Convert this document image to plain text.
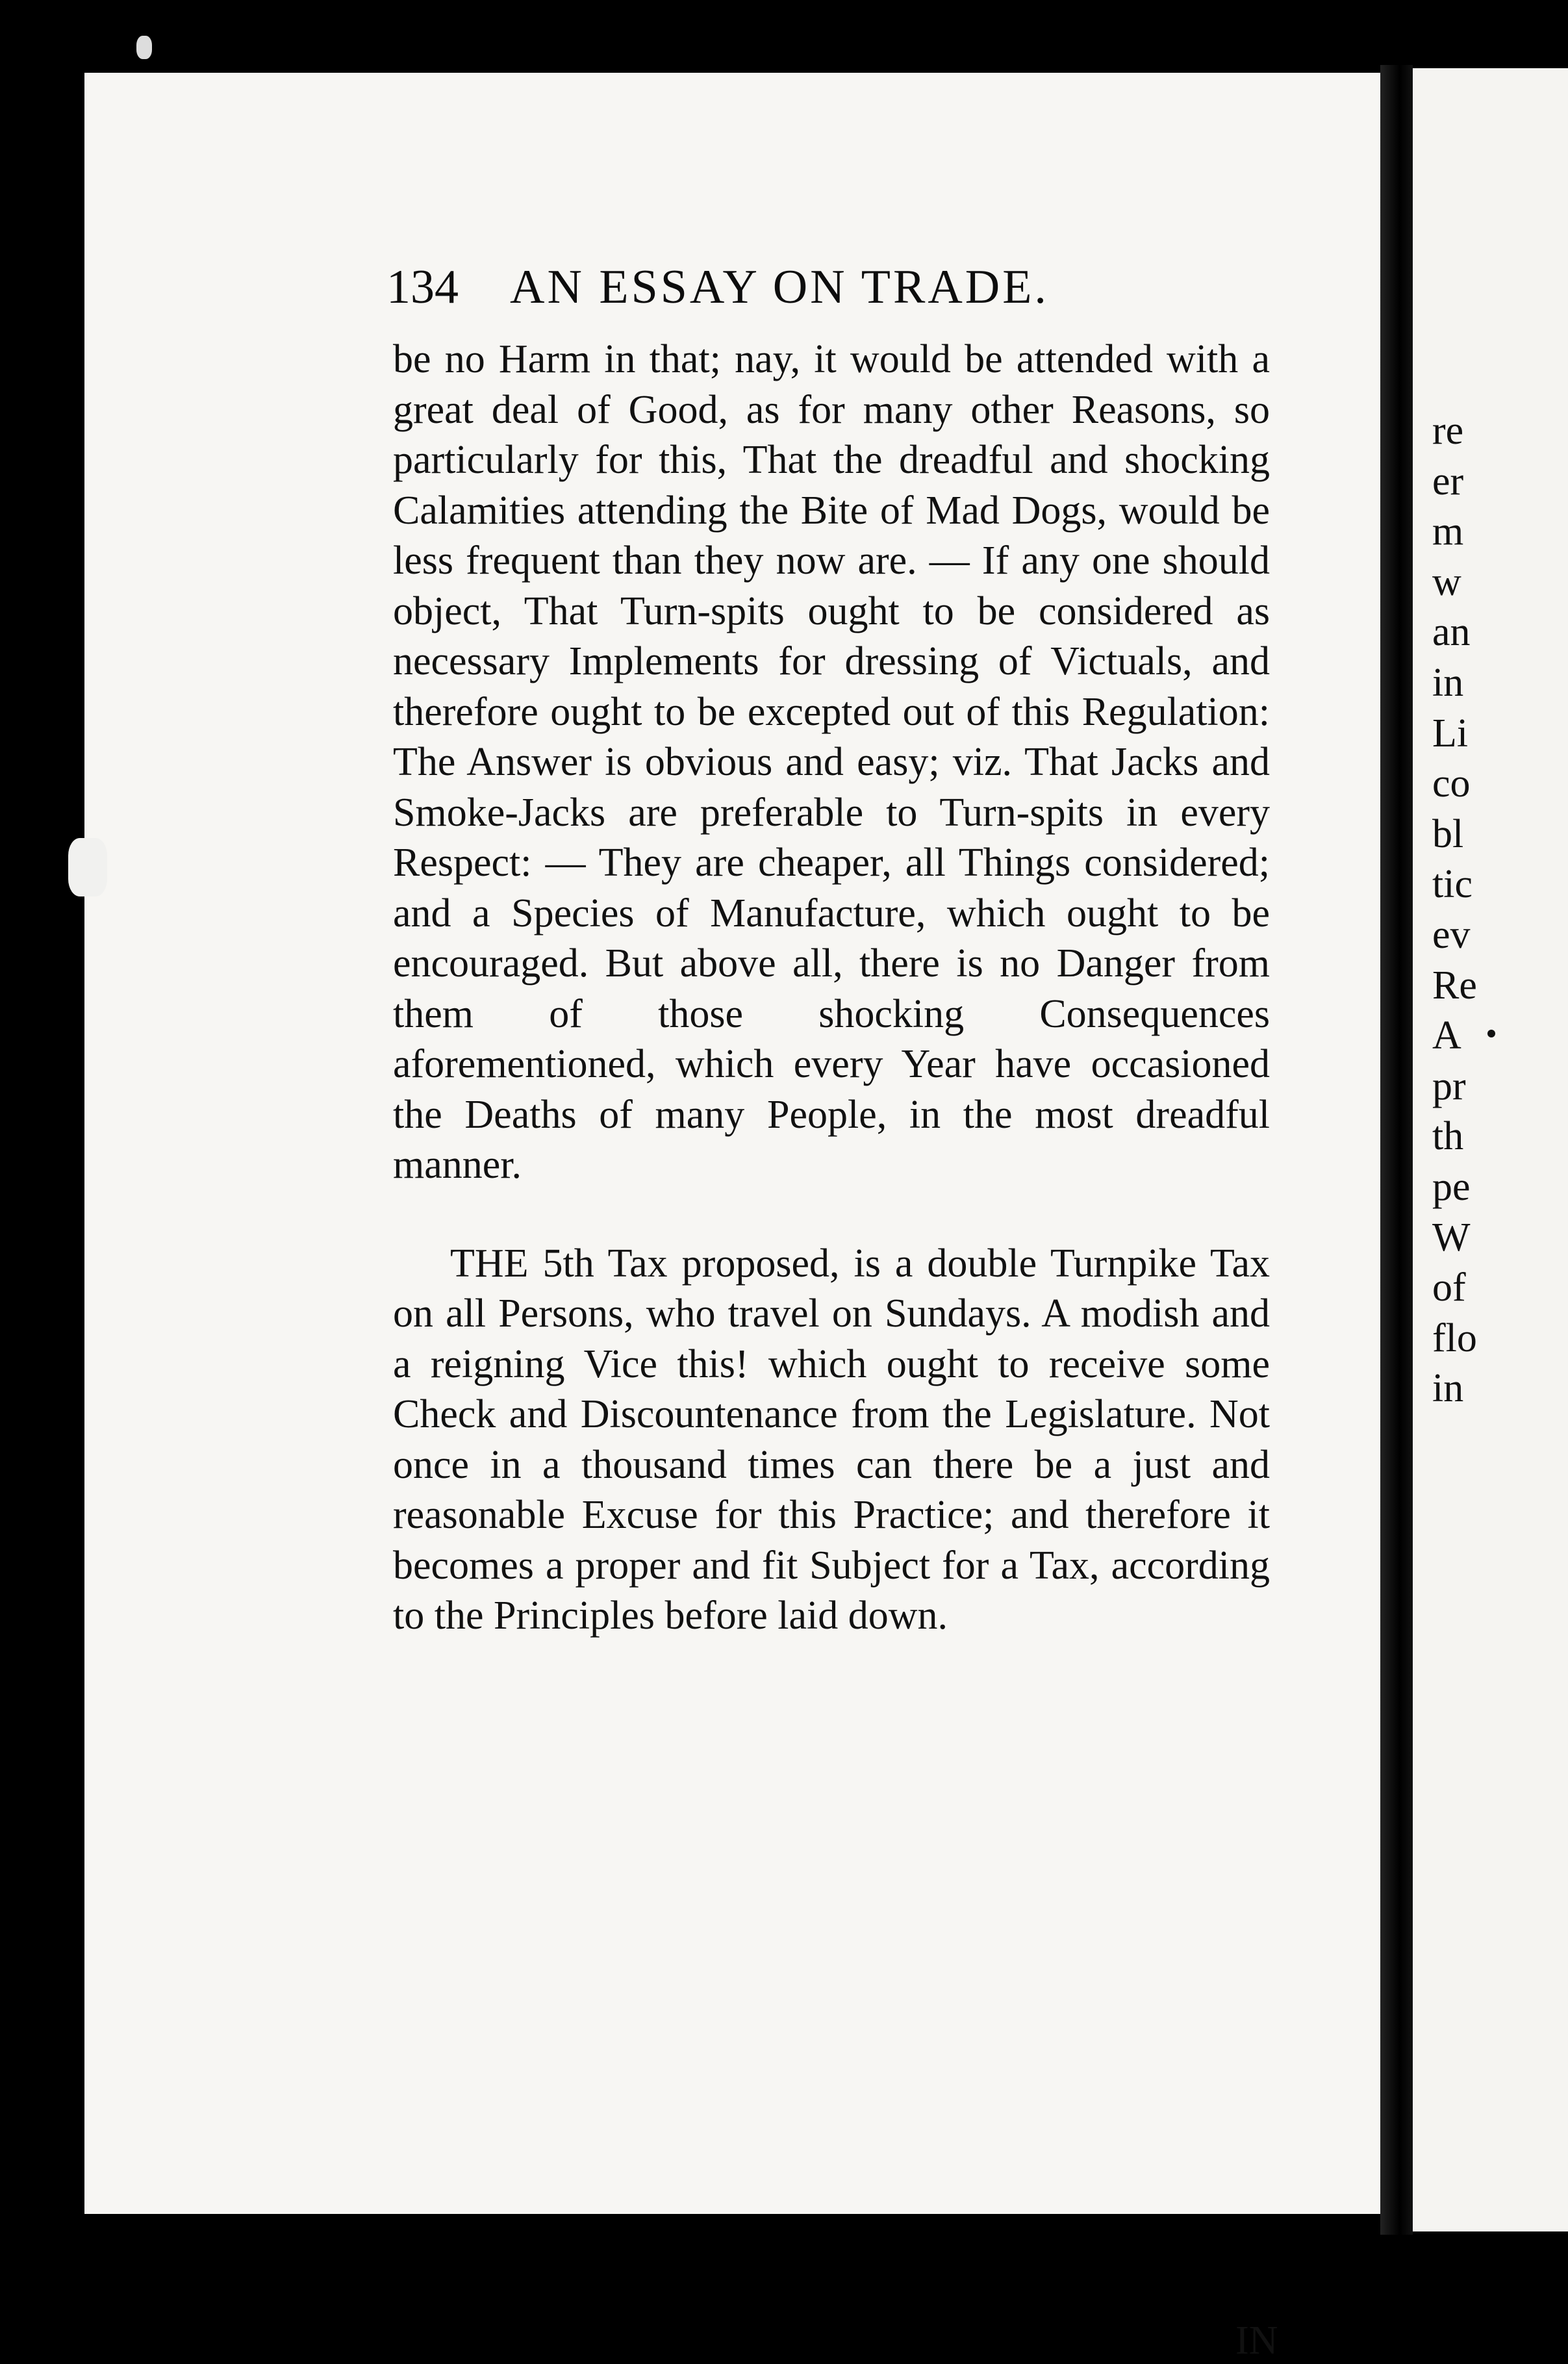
134 AN ESSAY ON TRADE.

be no Harm in that; nay, it would be attended with a great deal of Good, as for many other Reasons, so particularly for this, That the dreadful and shocking Calamities attending the Bite of Mad Dogs, would be less frequent than they now are. — If any one should object, That Turn-spits ought to be considered as necessary Implements for dressing of Victuals, and therefore ought to be excepted out of this Regulation: The Answer is obvious and easy; viz. That Jacks and Smoke-Jacks are preferable to Turn-spits in every Respect: — They are cheaper, all Things considered; and a Species of Manufacture, which ought to be encouraged. But above all, there is no Danger from them of those shocking Consequences aforementioned, which every Year have occasioned the Deaths of many People, in the most dreadful manner.

THE 5th Tax proposed, is a double Turnpike Tax on all Persons, who travel on Sundays. A modish and a reigning Vice this! which ought to receive some Check and Discountenance from the Legislature. Not once in a thousand times can there be a just and reasonable Excuse for this Practice; and therefore it becomes a proper and fit Subject for a Tax, according to the Principles before laid down.

IN
re
er
m
w
an
in
Li
co
bl
tic
ev
Re
A
pr
th
pe
W
of
flo
in
